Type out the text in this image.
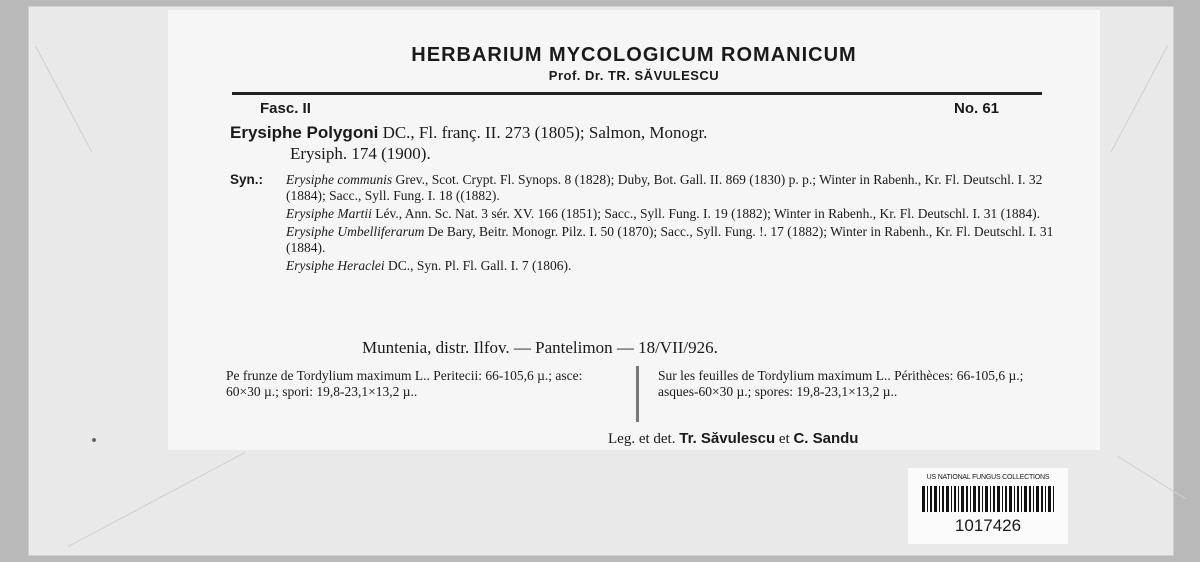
HERBARIUM MYCOLOGICUM ROMANICUM
Prof. Dr. TR. SĂVULESCU
Fasc. II	No. 61
Erysiphe Polygoni DC., Fl. franç. II. 273 (1805); Salmon, Monogr.
Erysiph. 174 (1900).
Syn.: Erysiphe communis Grev., Scot. Crypt. Fl. Synops. 8 (1828); Duby, Bot. Gall. II. 869 (1830) p. p.; Winter in Rabenh., Kr. Fl. Deutschl. I. 32 (1884); Sacc., Syll. Fung. I. 18 ((1882).
Erysiphe Martii Lév., Ann. Sc. Nat. 3 sér. XV. 166 (1851); Sacc., Syll. Fung. I. 19 (1882); Winter in Rabenh., Kr. Fl. Deutschl. I. 31 (1884).
Erysiphe Umbelliferarum De Bary, Beitr. Monogr. Pilz. I. 50 (1870); Sacc., Syll. Fung. !. 17 (1882); Winter in Rabenh., Kr. Fl. Deutschl. I. 31 (1884).
Erysiphe Heraclei DC., Syn. Pl. Fl. Gall. I. 7 (1806).
Muntenia, distr. Ilfov. — Pantelimon — 18/VII/926.
Pe frunze de Tordylium maximum L.. Peritecii: 66-105,6 µ.; asce: 60×30 µ.; spori: 19,8-23,1×13,2 µ..
Sur les feuilles de Tordylium maximum L.. Périthèces: 66-105,6 µ.; asques-60×30 µ.; spores: 19,8-23,1×13,2 µ..
Leg. et det. Tr. Săvulescu et C. Sandu
US NATIONAL FUNGUS COLLECTIONS
1017426
